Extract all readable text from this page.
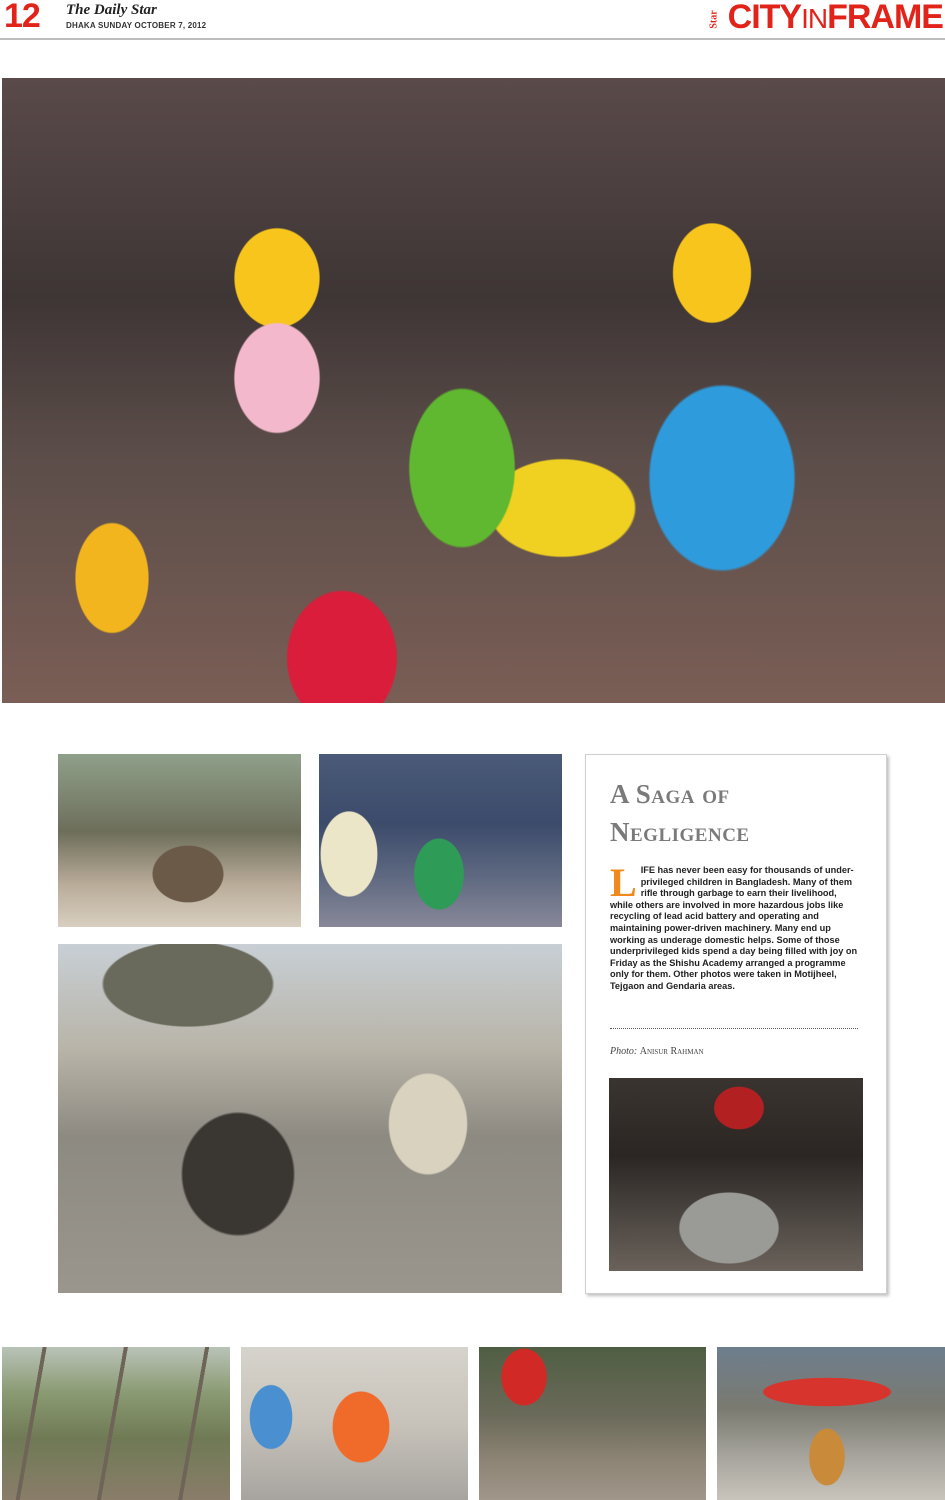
12 The Daily Star
DHAKA SUNDAY OCTOBER 7, 2012	Star CITY IN FRAME
A Saga of
Negligence
L IFE has never been easy for thousands of under-privileged children in Bangladesh. Many of them rifle through garbage to earn their livelihood, while others are involved in more hazardous jobs like recycling of lead acid battery and operating and maintaining power-driven machinery. Many end up working as underage domestic helps. Some of those underprivileged kids spend a day being filled with joy on Friday as the Shishu Academy arranged a programme only for them. Other photos were taken in Motijheel, Tejgaon and Gendaria areas.
Photo: Anisur Rahman
